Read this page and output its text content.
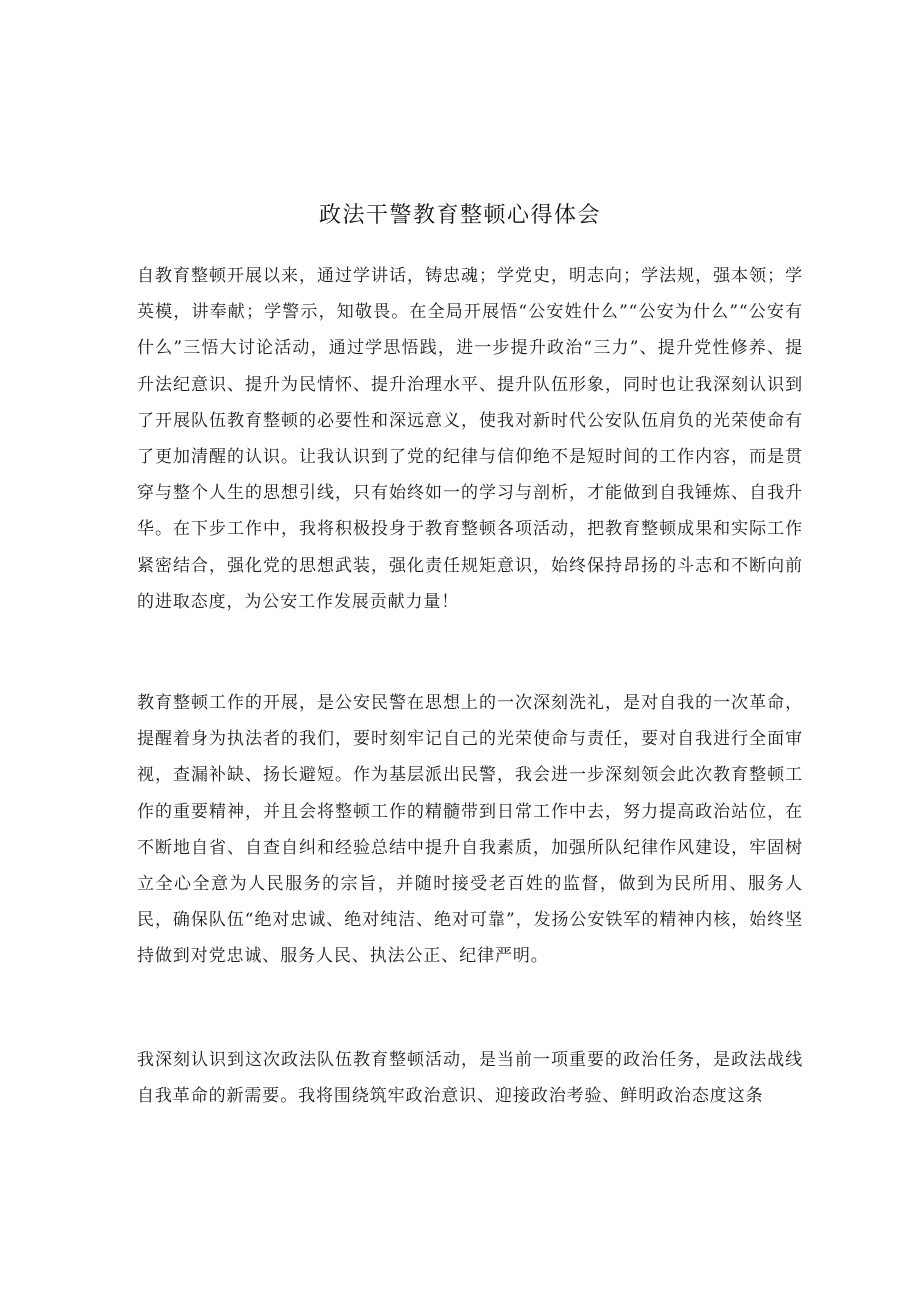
政法干警教育整顿心得体会

自教育整顿开展以来，通过学讲话，铸忠魂；学党史，明志向；学法规，强本领；学英模，讲奉献；学警示，知敬畏。在全局开展悟“公安姓什么”“公安为什么”“公安有什么”三悟大讨论活动，通过学思悟践，进一步提升政治“三力”、提升党性修养、提升法纪意识、提升为民情怀、提升治理水平、提升队伍形象，同时也让我深刻认识到了开展队伍教育整顿的必要性和深远意义，使我对新时代公安队伍肩负的光荣使命有了更加清醒的认识。让我认识到了党的纪律与信仰绝不是短时间的工作内容，而是贯穿与整个人生的思想引线，只有始终如一的学习与剖析，才能做到自我锤炼、自我升华。在下步工作中，我将积极投身于教育整顿各项活动，把教育整顿成果和实际工作紧密结合，强化党的思想武装，强化责任规矩意识，始终保持昂扬的斗志和不断向前的进取态度，为公安工作发展贡献力量！

教育整顿工作的开展，是公安民警在思想上的一次深刻洗礼，是对自我的一次革命，提醒着身为执法者的我们，要时刻牢记自己的光荣使命与责任，要对自我进行全面审视，查漏补缺、扬长避短。作为基层派出民警，我会进一步深刻领会此次教育整顿工作的重要精神，并且会将整顿工作的精髓带到日常工作中去，努力提高政治站位，在不断地自省、自查自纠和经验总结中提升自我素质，加强所队纪律作风建设，牢固树立全心全意为人民服务的宗旨，并随时接受老百姓的监督，做到为民所用、服务人民，确保队伍“绝对忠诚、绝对纯洁、绝对可靠”，发扬公安铁军的精神内核，始终坚持做到对党忠诚、服务人民、执法公正、纪律严明。

我深刻认识到这次政法队伍教育整顿活动，是当前一项重要的政治任务，是政法战线自我革命的新需要。我将围绕筑牢政治意识、迎接政治考验、鲜明政治态度这条
